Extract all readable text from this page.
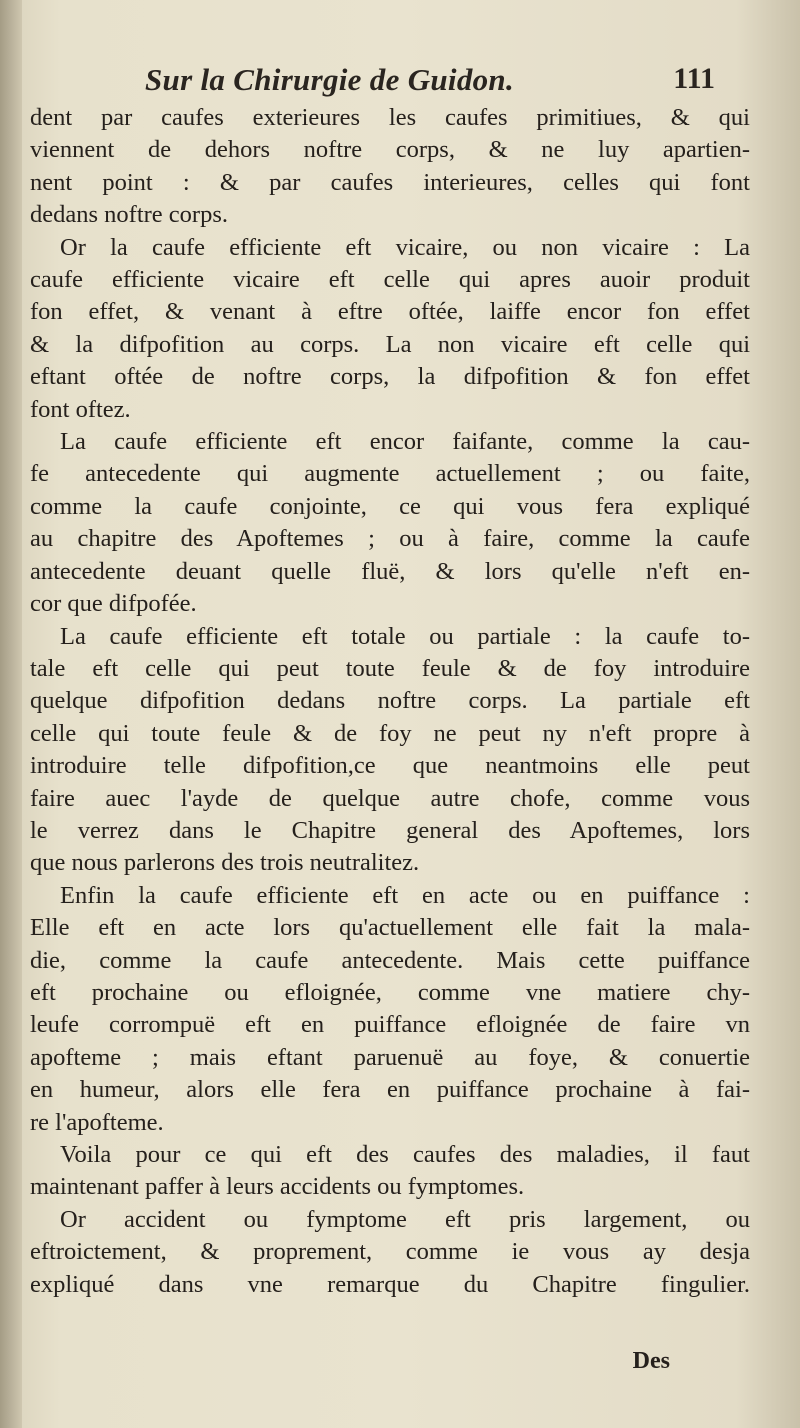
Sur la Chirurgie de Guidon.	111
dent par caufes exterieures les caufes primitiues, & qui
viennent de dehors noftre corps, & ne luy apartien-
nent point : & par caufes interieures, celles qui font
dedans noftre corps.
Or la caufe efficiente eft vicaire, ou non vicaire : La
caufe efficiente vicaire eft celle qui apres auoir produit
fon effet, & venant à eftre oftée, laiffe encor fon effet
& la difpofition au corps. La non vicaire eft celle qui
eftant oftée de noftre corps, la difpofition & fon effet
font oftez.
La caufe efficiente eft encor faifante, comme la cau-
fe antecedente qui augmente actuellement ; ou faite,
comme la caufe conjointe, ce qui vous fera expliqué
au chapitre des Apoftemes ; ou à faire, comme la caufe
antecedente deuant quelle fluë, & lors qu'elle n'eft en-
cor que difpofée.
La caufe efficiente eft totale ou partiale : la caufe to-
tale eft celle qui peut toute feule & de foy introduire
quelque difpofition dedans noftre corps. La partiale eft
celle qui toute feule & de foy ne peut ny n'eft propre à
introduire telle difpofition,ce que neantmoins elle peut
faire auec l'ayde de quelque autre chofe, comme vous
le verrez dans le Chapitre general des Apoftemes, lors
que nous parlerons des trois neutralitez.
Enfin la caufe efficiente eft en acte ou en puiffance :
Elle eft en acte lors qu'actuellement elle fait la mala-
die, comme la caufe antecedente. Mais cette puiffance
eft prochaine ou efloignée, comme vne matiere chy-
leufe corrompuë eft en puiffance efloignée de faire vn
apofteme ; mais eftant paruenuë au foye, & conuertie
en humeur, alors elle fera en puiffance prochaine à fai-
re l'apofteme.
Voila pour ce qui eft des caufes des maladies, il faut
maintenant paffer à leurs accidents ou fymptomes.
Or accident ou fymptome eft pris largement, ou
eftroictement, & proprement, comme ie vous ay desja
expliqué dans vne remarque du Chapitre fingulier.
Des
